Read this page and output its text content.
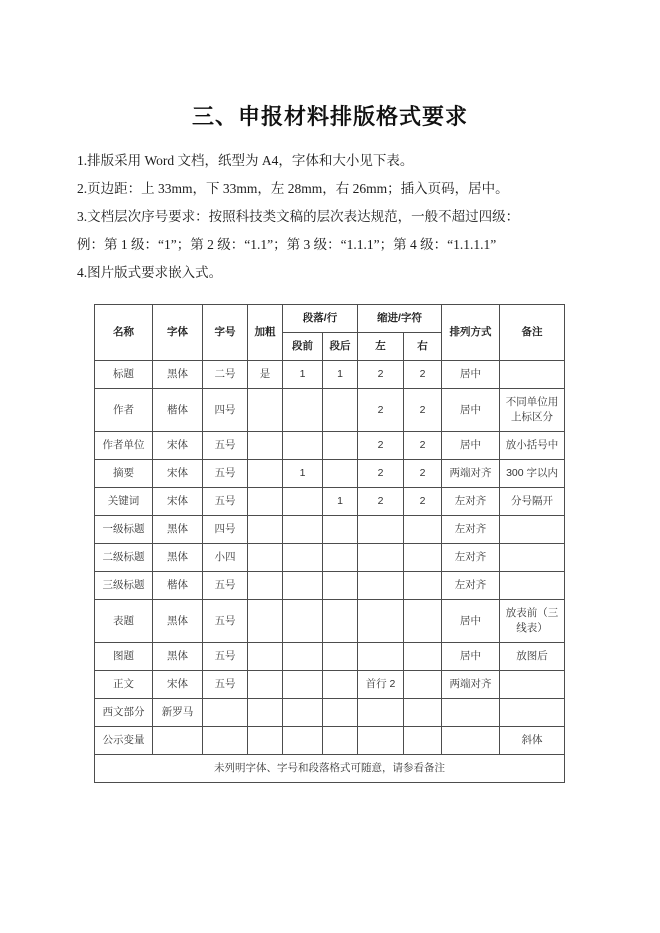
三、申报材料排版格式要求

1.排版采用 Word 文档，纸型为 A4，字体和大小见下表。

2.页边距：上 33mm，下 33mm，左 28mm，右 26mm；插入页码，居中。

3.文档层次序号要求：按照科技类文稿的层次表达规范，一般不超过四级：

例：第 1 级：“1”；第 2 级：“1.1”；第 3 级：“1.1.1”；第 4 级：“1.1.1.1”

4.图片版式要求嵌入式。

名称	字体	字号	加粗	段落/行		缩进/字符		排列方式	备注
				段前	段后	左	右		
标题	黑体	二号	是	1	1	2	2	居中	
作者	楷体	四号				2	2	居中	不同单位用上标区分
作者单位	宋体	五号				2	2	居中	放小括号中
摘要	宋体	五号		1		2	2	两端对齐	300 字以内
关键词	宋体	五号			1	2	2	左对齐	分号隔开
一级标题	黑体	四号						左对齐	
二级标题	黑体	小四						左对齐	
三级标题	楷体	五号						左对齐	
表题	黑体	五号						居中	放表前（三线表）
图题	黑体	五号						居中	放图后
正文	宋体	五号				首行 2		两端对齐	
西文部分	新罗马								
公示变量									斜体
未列明字体、字号和段落格式可随意，请参看备注									
